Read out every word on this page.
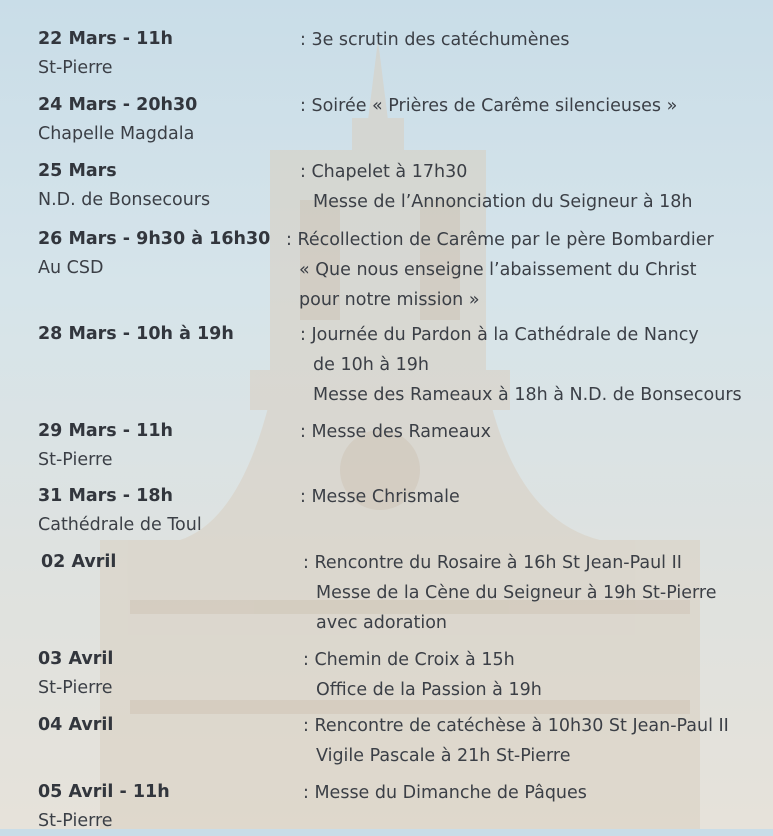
22 Mars - 11h
St-Pierre
: 3e scrutin des catéchumènes
24 Mars - 20h30
Chapelle Magdala
: Soirée « Prières de Carême silencieuses »
25 Mars
N.D. de Bonsecours
: Chapelet à 17h30
Messe de l’Annonciation du Seigneur à 18h
26 Mars - 9h30 à 16h30
Au CSD
: Récollection de Carême par le père Bombardier
« Que nous enseigne l’abaissement du Christ
pour notre mission »
28 Mars - 10h à 19h	: Journée du Pardon à la Cathédrale de Nancy
de 10h à 19h
Messe des Rameaux à 18h à N.D. de Bonsecours
29 Mars - 11h
St-Pierre
: Messe des Rameaux
31 Mars - 18h
Cathédrale de Toul
: Messe Chrismale
02 Avril	: Rencontre du Rosaire à 16h St Jean-Paul II
Messe de la Cène du Seigneur à 19h St-Pierre
avec adoration
03 Avril
St-Pierre
: Chemin de Croix à 15h
Office de la Passion à 19h
04 Avril	: Rencontre de catéchèse à 10h30 St Jean-Paul II
Vigile Pascale à 21h St-Pierre
05 Avril - 11h
St-Pierre
: Messe du Dimanche de Pâques
